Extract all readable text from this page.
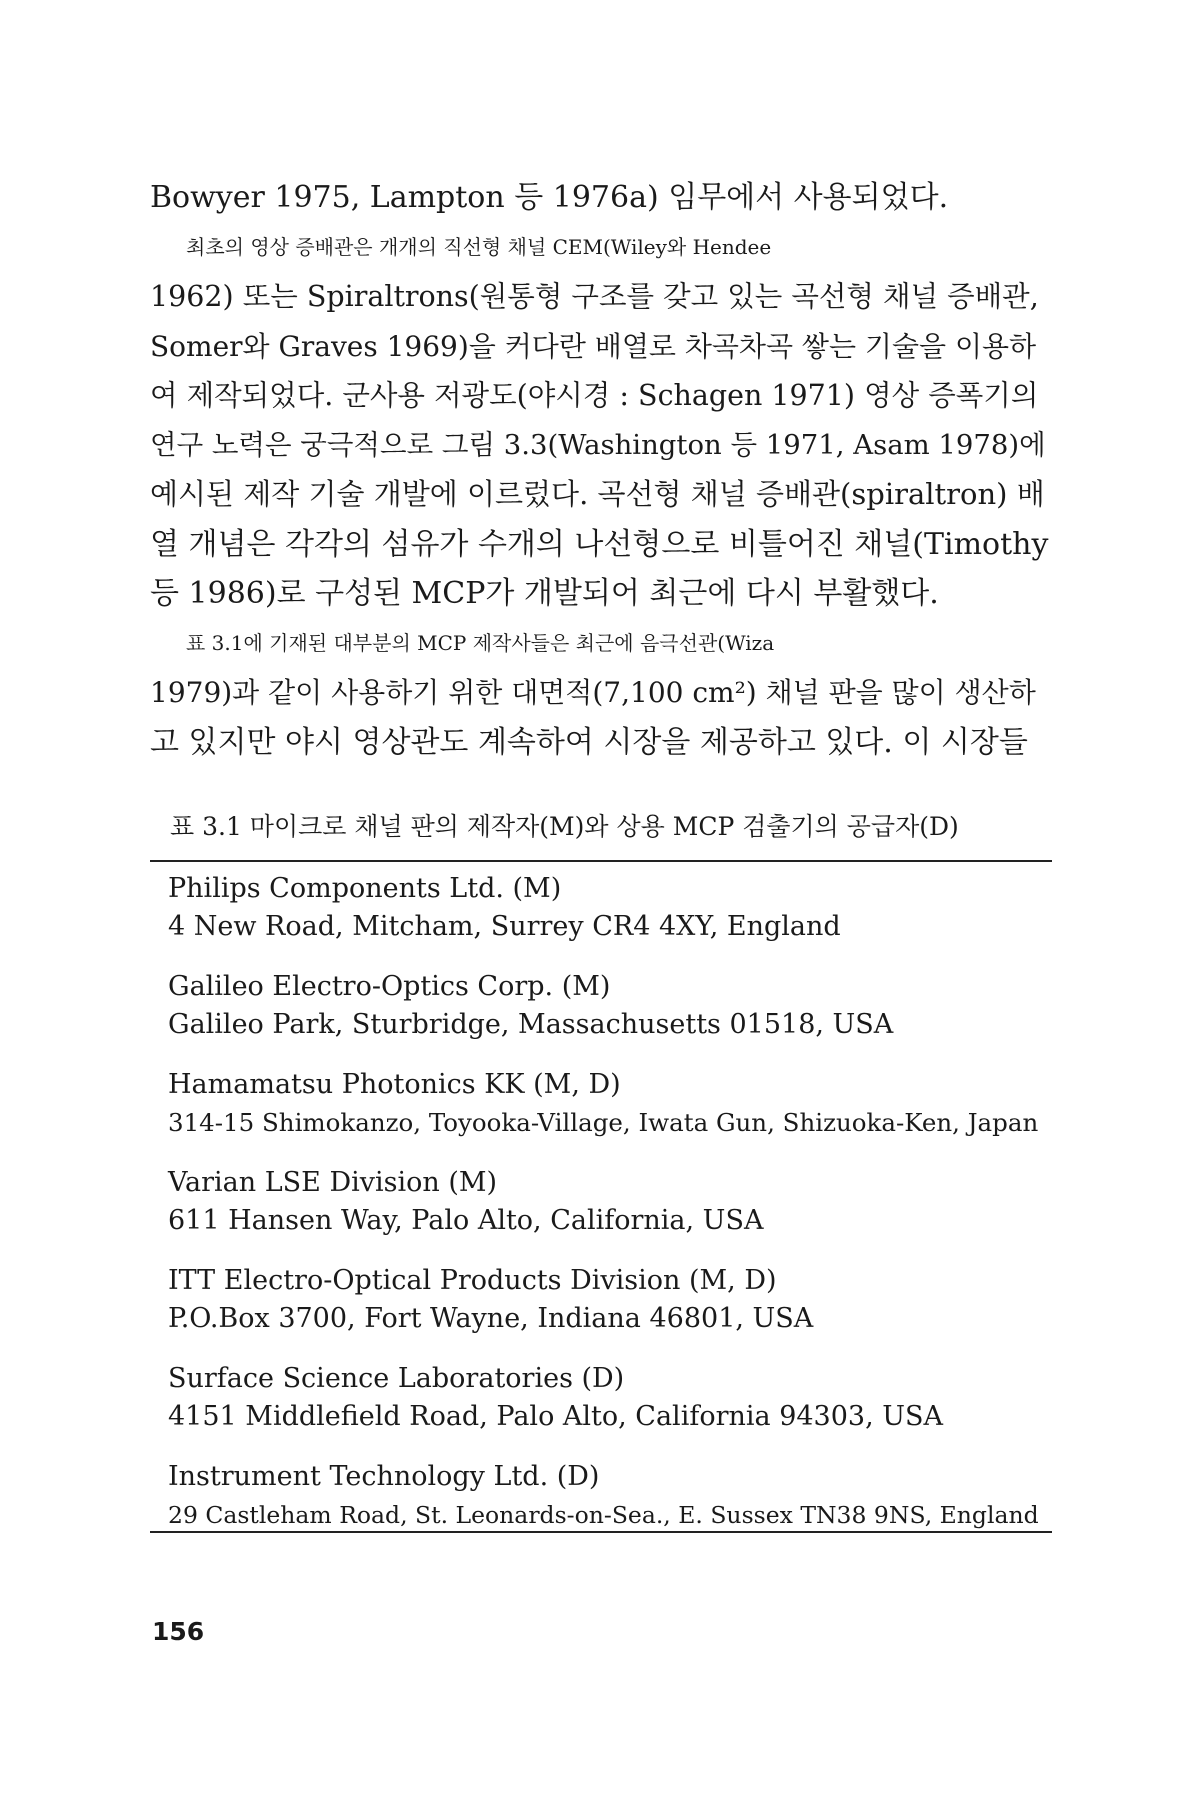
Bowyer 1975, Lampton 등 1976a) 임무에서 사용되었다.
최초의 영상 증배관은 개개의 직선형 채널 CEM(Wiley와 Hendee
1962) 또는 Spiraltrons(원통형 구조를 갖고 있는 곡선형 채널 증배관,
Somer와 Graves 1969)을 커다란 배열로 차곡차곡 쌓는 기술을 이용하
여 제작되었다. 군사용 저광도(야시경 : Schagen 1971) 영상 증폭기의
연구 노력은 궁극적으로 그림 3.3(Washington 등 1971, Asam 1978)에
예시된 제작 기술 개발에 이르렀다. 곡선형 채널 증배관(spiraltron) 배
열 개념은 각각의 섬유가 수개의 나선형으로 비틀어진 채널(Timothy
등 1986)로 구성된 MCP가 개발되어 최근에 다시 부활했다.
표 3.1에 기재된 대부분의 MCP 제작사들은 최근에 음극선관(Wiza
1979)과 같이 사용하기 위한 대면적(7,100 cm²) 채널 판을 많이 생산하
고 있지만 야시 영상관도 계속하여 시장을 제공하고 있다. 이 시장들
표 3.1 마이크로 채널 판의 제작자(M)와 상용 MCP 검출기의 공급자(D)
Philips Components Ltd. (M)
4 New Road, Mitcham, Surrey CR4 4XY, England
Galileo Electro-Optics Corp. (M)
Galileo Park, Sturbridge, Massachusetts 01518, USA
Hamamatsu Photonics KK (M, D)
314-15 Shimokanzo, Toyooka-Village, Iwata Gun, Shizuoka-Ken, Japan
Varian LSE Division (M)
611 Hansen Way, Palo Alto, California, USA
ITT Electro-Optical Products Division (M, D)
P.O.Box 3700, Fort Wayne, Indiana 46801, USA
Surface Science Laboratories (D)
4151 Middlefield Road, Palo Alto, California 94303, USA
Instrument Technology Ltd. (D)
29 Castleham Road, St. Leonards-on-Sea., E. Sussex TN38 9NS, England
156
